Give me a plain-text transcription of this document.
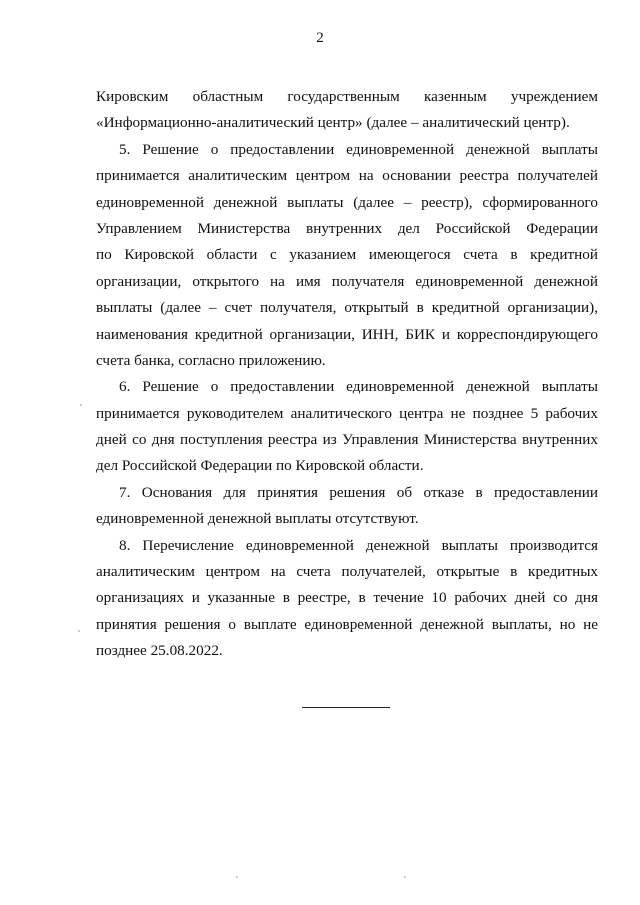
2
Кировским областным государственным казенным учреждением
«Информационно-аналитический центр» (далее – аналитический центр).
5. Решение о предоставлении единовременной денежной выплаты
принимается аналитическим центром на основании реестра получателей
единовременной денежной выплаты (далее – реестр), сформированного
Управлением Министерства внутренних дел Российской Федерации
по Кировской области с указанием имеющегося счета в кредитной
организации, открытого на имя получателя единовременной денежной
выплаты (далее – счет получателя, открытый в кредитной организации),
наименования кредитной организации, ИНН, БИК и корреспондирующего
счета банка, согласно приложению.
6. Решение о предоставлении единовременной денежной выплаты
принимается руководителем аналитического центра не позднее 5 рабочих
дней со дня поступления реестра из Управления Министерства внутренних
дел Российской Федерации по Кировской области.
7. Основания для принятия решения об отказе в предоставлении
единовременной денежной выплаты отсутствуют.
8. Перечисление единовременной денежной выплаты производится
аналитическим центром на счета получателей, открытые в кредитных
организациях и указанные в реестре, в течение 10 рабочих дней со дня
принятия решения о выплате единовременной денежной выплаты, но не
позднее 25.08.2022.
